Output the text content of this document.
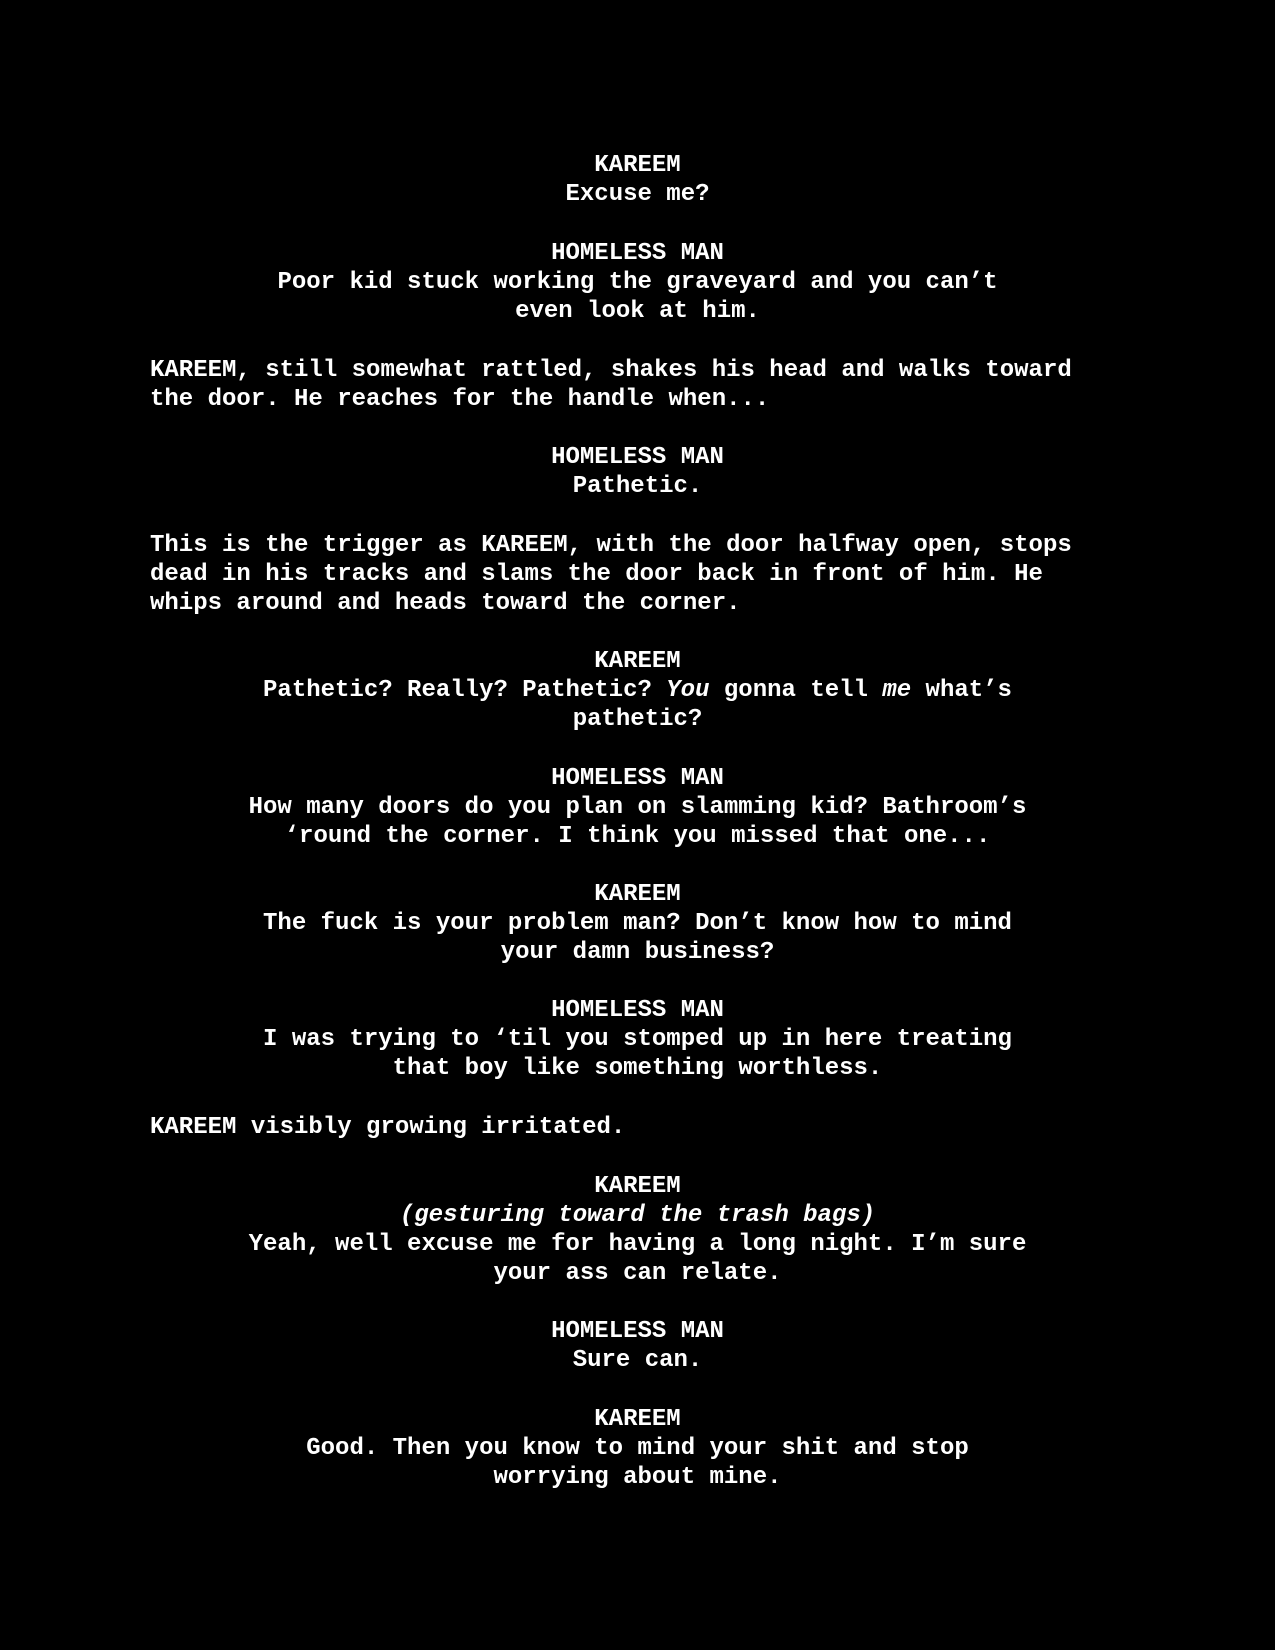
KAREEM
Excuse me?
HOMELESS MAN
Poor kid stuck working the graveyard and you can’t
even look at him.
KAREEM, still somewhat rattled, shakes his head and walks toward
the door. He reaches for the handle when...
HOMELESS MAN
Pathetic.
This is the trigger as KAREEM, with the door halfway open, stops
dead in his tracks and slams the door back in front of him. He
whips around and heads toward the corner.
KAREEM
Pathetic? Really? Pathetic? You gonna tell me what’s
pathetic?
HOMELESS MAN
How many doors do you plan on slamming kid? Bathroom’s
‘round the corner. I think you missed that one...
KAREEM
The fuck is your problem man? Don’t know how to mind
your damn business?
HOMELESS MAN
I was trying to ‘til you stomped up in here treating
that boy like something worthless.
KAREEM visibly growing irritated.
KAREEM
(gesturing toward the trash bags)
Yeah, well excuse me for having a long night. I’m sure
your ass can relate.
HOMELESS MAN
Sure can.
KAREEM
Good. Then you know to mind your shit and stop
worrying about mine.
